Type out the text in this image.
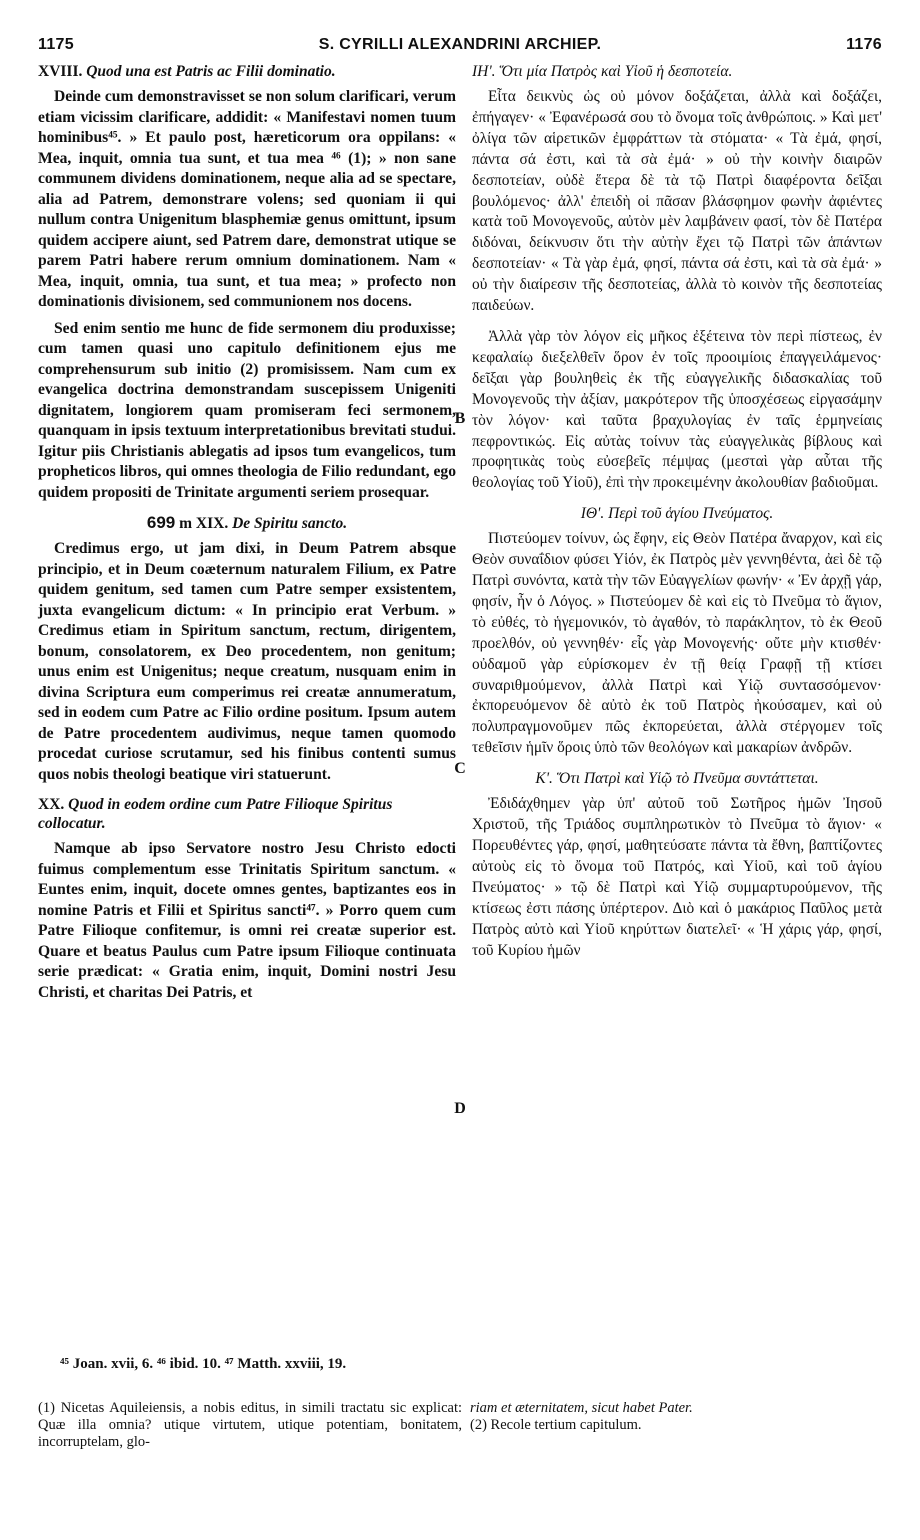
1175	S. CYRILLI ALEXANDRINI ARCHIEP.	1176
XVIII. Quod una est Patris ac Filii dominatio.

Deinde cum demonstravisset se non solum clarificari, verum etiam vicissim clarificare, addidit: « Manifestavi nomen tuum hominibus⁴⁵. » Et paulo post, hæreticorum ora oppilans: « Mea, inquit, omnia tua sunt, et tua mea ⁴⁶ (1); » non sane communem dividens dominationem, neque alia ad se spectare, alia ad Patrem, demonstrare volens; sed quoniam ii qui nullum contra Unigenitum blasphemiæ genus omittunt, ipsum quidem accipere aiunt, sed Patrem dare, demonstrat utique se parem Patri habere rerum omnium dominationem. Nam « Mea, inquit, omnia, tua sunt, et tua mea; » profecto non dominationis divisionem, sed communionem nos docens.

Sed enim sentio me hunc de fide sermonem diu produxisse; cum tamen quasi uno capitulo definitionem ejus me comprehensurum sub initio (2) promisissem. Nam cum ex evangelica doctrina demonstrandam suscepissem Unigeniti dignitatem, longiorem quam promiseram feci sermonem, quanquam in ipsis textuum interpretationibus brevitati studui. Igitur piis Christianis ablegatis ad ipsos tum evangelicos, tum propheticos libros, qui omnes theologia de Filio redundant, ego quidem propositi de Trinitate argumenti seriem prosequar.

699 m XIX. De Spiritu sancto.

Credimus ergo, ut jam dixi, in Deum Patrem absque principio, et in Deum coæternum naturalem Filium, ex Patre quidem genitum, sed tamen cum Patre semper exsistentem, juxta evangelicum dictum: « In principio erat Verbum. » Credimus etiam in Spiritum sanctum, rectum, dirigentem, bonum, consolatorem, ex Deo procedentem, non genitum; unus enim est Unigenitus; neque creatum, nusquam enim in divina Scriptura eum comperimus rei creatæ annumeratum, sed in eodem cum Patre ac Filio ordine positum. Ipsum autem de Patre procedentem audivimus, neque tamen quomodo procedat curiose scrutamur, sed his finibus contenti sumus quos nobis theologi beatique viri statuerunt.

XX. Quod in eodem ordine cum Patre Filioque Spiritus collocatur.

Namque ab ipso Servatore nostro Jesu Christo edocti fuimus complementum esse Trinitatis Spiritum sanctum. « Euntes enim, inquit, docete omnes gentes, baptizantes eos in nomine Patris et Filii et Spiritus sancti⁴⁷. » Porro quem cum Patre Filioque confitemur, is omni rei creatæ superior est. Quare et beatus Paulus cum Patre ipsum Filioque continuata serie prædicat: « Gratia enim, inquit, Domini nostri Jesu Christi, et charitas Dei Patris, et

B
C
D
ΙΗ'. Ὅτι μία Πατρὸς καὶ Υἱοῦ ἡ δεσποτεία.

Εἶτα δεικνὺς ὡς οὐ μόνον δοξάζεται, ἀλλὰ καὶ δοξάζει, ἐπήγαγεν· « Ἐφανέρωσά σου τὸ ὄνομα τοῖς ἀνθρώποις. » Καὶ μετ' ὀλίγα τῶν αἱρετικῶν ἐμφράττων τὰ στόματα· « Τὰ ἐμά, φησί, πάντα σά ἐστι, καὶ τὰ σὰ ἐμά· » οὐ τὴν κοινὴν διαιρῶν δεσποτείαν, οὐδὲ ἕτερα δὲ τὰ τῷ Πατρὶ διαφέροντα δεῖξαι βουλόμενος· ἀλλ' ἐπειδὴ οἱ πᾶσαν βλάσφημον φωνὴν ἀφιέντες κατὰ τοῦ Μονογενοῦς, αὐτὸν μὲν λαμβάνειν φασί, τὸν δὲ Πατέρα διδόναι, δείκνυσιν ὅτι τὴν αὐτὴν ἔχει τῷ Πατρὶ τῶν ἁπάντων δεσποτείαν· « Τὰ γὰρ ἐμά, φησί, πάντα σά ἐστι, καὶ τὰ σὰ ἐμά· » οὐ τὴν διαίρεσιν τῆς δεσποτείας, ἀλλὰ τὸ κοινὸν τῆς δεσποτείας παιδεύων.

Ἀλλὰ γὰρ τὸν λόγον εἰς μῆκος ἐξέτεινα τὸν περὶ πίστεως, ἐν κεφαλαίῳ διεξελθεῖν ὅρον ἐν τοῖς προοιμίοις ἐπαγγειλάμενος· δεῖξαι γὰρ βουληθεὶς ἐκ τῆς εὐαγγελικῆς διδασκαλίας τοῦ Μονογενοῦς τὴν ἀξίαν, μακρότερον τῆς ὑποσχέσεως εἰργασάμην τὸν λόγον· καὶ ταῦτα βραχυλογίας ἐν ταῖς ἑρμηνείαις πεφροντικώς. Εἰς αὐτὰς τοίνυν τὰς εὐαγγελικὰς βίβλους καὶ προφητικὰς τοὺς εὐσεβεῖς πέμψας (μεσταὶ γὰρ αὗται τῆς θεολογίας τοῦ Υἱοῦ), ἐπὶ τὴν προκειμένην ἀκολουθίαν βαδιοῦμαι.

ΙΘ'. Περὶ τοῦ ἁγίου Πνεύματος.

Πιστεύομεν τοίνυν, ὡς ἔφην, εἰς Θεὸν Πατέρα ἄναρχον, καὶ εἰς Θεὸν συναΐδιον φύσει Υἱόν, ἐκ Πατρὸς μὲν γεννηθέντα, ἀεὶ δὲ τῷ Πατρὶ συνόντα, κατὰ τὴν τῶν Εὐαγγελίων φωνήν· « Ἐν ἀρχῇ γάρ, φησίν, ἦν ὁ Λόγος. » Πιστεύομεν δὲ καὶ εἰς τὸ Πνεῦμα τὸ ἅγιον, τὸ εὐθές, τὸ ἡγεμονικόν, τὸ ἀγαθόν, τὸ παράκλητον, τὸ ἐκ Θεοῦ προελθόν, οὐ γεννηθέν· εἷς γὰρ Μονογενής· οὔτε μὴν κτισθέν· οὐδαμοῦ γὰρ εὑρίσκομεν ἐν τῇ θείᾳ Γραφῇ τῇ κτίσει συναριθμούμενον, ἀλλὰ Πατρὶ καὶ Υἱῷ συντασσόμενον· ἐκπορευόμενον δὲ αὐτὸ ἐκ τοῦ Πατρὸς ἠκούσαμεν, καὶ οὐ πολυπραγμονοῦμεν πῶς ἐκπορεύεται, ἀλλὰ στέργομεν τοῖς τεθεῖσιν ἡμῖν ὅροις ὑπὸ τῶν θεολόγων καὶ μακαρίων ἀνδρῶν.

Κ'. Ὅτι Πατρὶ καὶ Υἱῷ τὸ Πνεῦμα συντάττεται.

Ἐδιδάχθημεν γὰρ ὑπ' αὐτοῦ τοῦ Σωτῆρος ἡμῶν Ἰησοῦ Χριστοῦ, τῆς Τριάδος συμπληρωτικὸν τὸ Πνεῦμα τὸ ἅγιον· « Πορευθέντες γάρ, φησί, μαθητεύσατε πάντα τὰ ἔθνη, βαπτίζοντες αὐτοὺς εἰς τὸ ὄνομα τοῦ Πατρός, καὶ Υἱοῦ, καὶ τοῦ ἁγίου Πνεύματος· » τῷ δὲ Πατρὶ καὶ Υἱῷ συμμαρτυρούμενον, τῆς κτίσεως ἐστι πάσης ὑπέρτερον. Διὸ καὶ ὁ μακάριος Παῦλος μετὰ Πατρὸς αὐτὸ καὶ Υἱοῦ κηρύττων διατελεῖ· « Ἡ χάρις γάρ, φησί, τοῦ Κυρίου ἡμῶν

⁴⁵ Joan. xvii, 6. ⁴⁶ ibid. 10. ⁴⁷ Matth. xxviii, 19.
(1) Nicetas Aquileiensis, a nobis editus, in simili tractatu sic explicat: Quæ illa omnia? utique virtutem, utique potentiam, bonitatem, incorruptelam, glo-
riam et æternitatem, sicut habet Pater.
(2) Recole tertium capitulum.
